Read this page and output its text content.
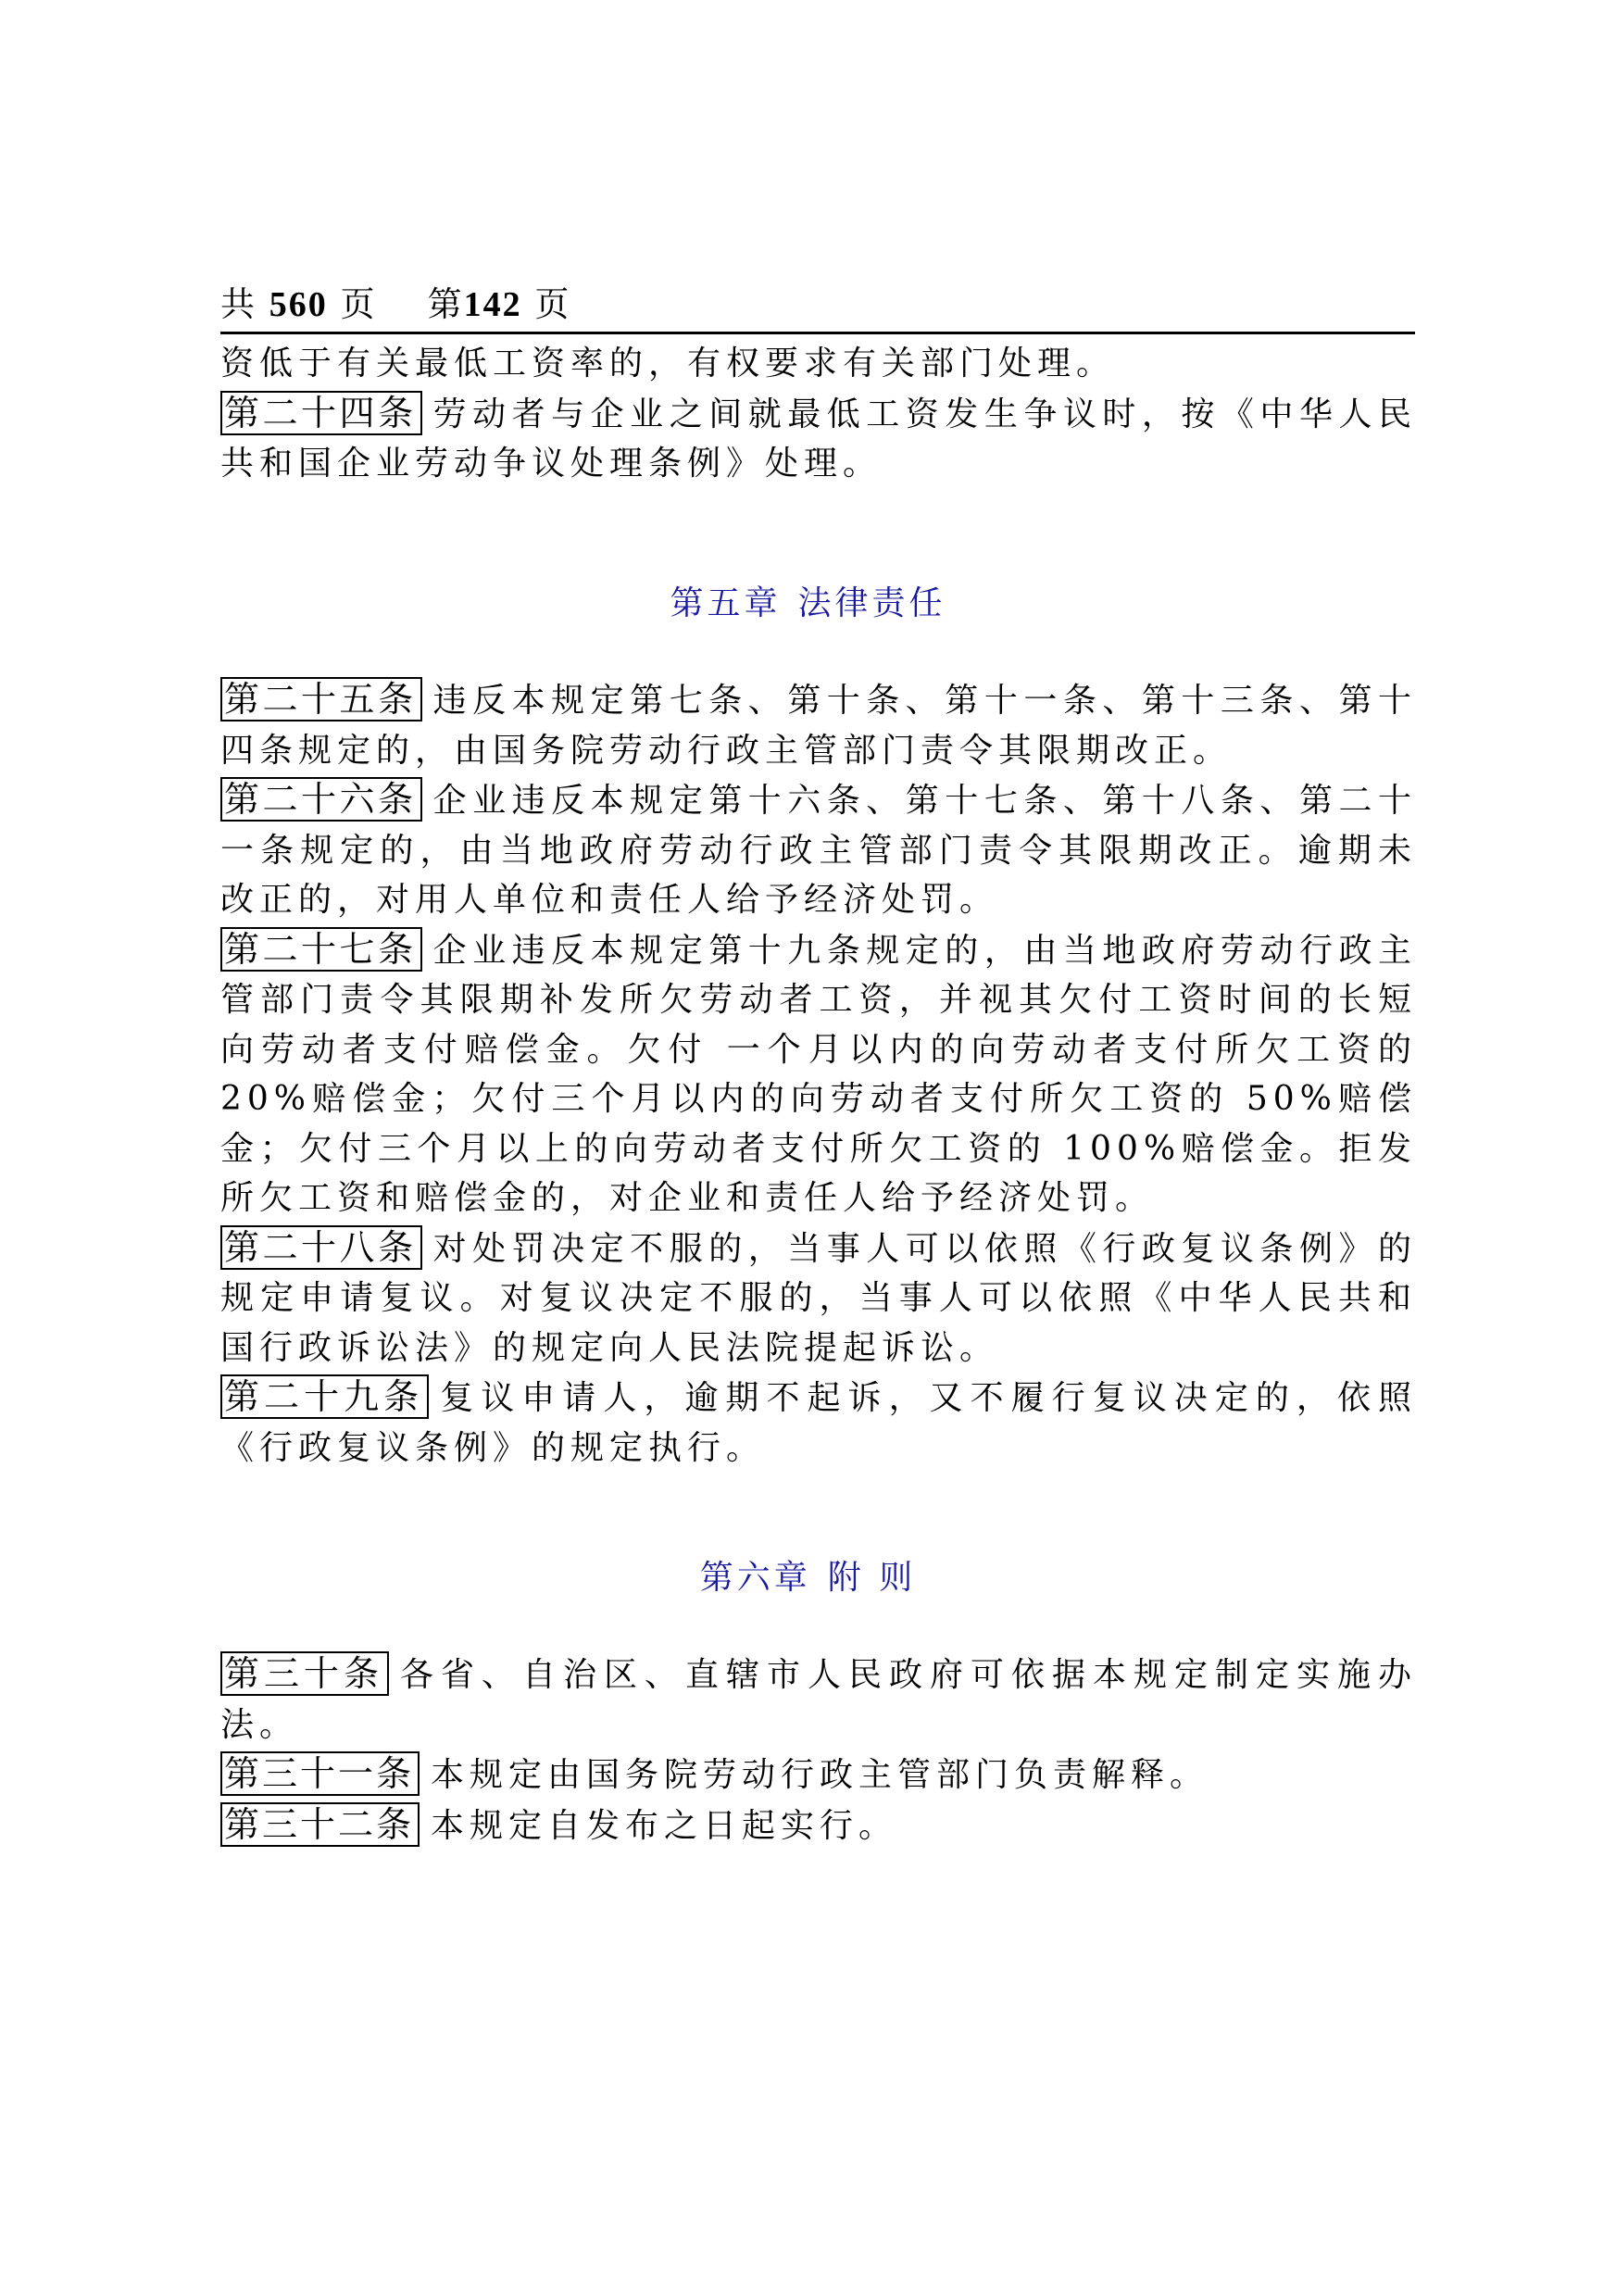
共 560 页 第142 页

资低于有关最低工资率的，有权要求有关部门处理。

第二十四条 劳动者与企业之间就最低工资发生争议时，按《中华人民共和国企业劳动争议处理条例》处理。

第五章 法律责任

第二十五条 违反本规定第七条、第十条、第十一条、第十三条、第十四条规定的，由国务院劳动行政主管部门责令其限期改正。

第二十六条 企业违反本规定第十六条、第十七条、第十八条、第二十一条规定的，由当地政府劳动行政主管部门责令其限期改正。逾期未改正的，对用人单位和责任人给予经济处罚。

第二十七条 企业违反本规定第十九条规定的，由当地政府劳动行政主管部门责令其限期补发所欠劳动者工资，并视其欠付工资时间的长短向劳动者支付赔偿金。欠付 一个月以内的向劳动者支付所欠工资的 20%赔偿金；欠付三个月以内的向劳动者支付所欠工资的 50%赔偿金；欠付三个月以上的向劳动者支付所欠工资的 100%赔偿金。拒发所欠工资和赔偿金的，对企业和责任人给予经济处罚。

第二十八条 对处罚决定不服的，当事人可以依照《行政复议条例》的规定申请复议。对复议决定不服的，当事人可以依照《中华人民共和国行政诉讼法》的规定向人民法院提起诉讼。

第二十九条 复议申请人，逾期不起诉，又不履行复议决定的，依照《行政复议条例》的规定执行。

第六章 附 则

第三十条 各省、自治区、直辖市人民政府可依据本规定制定实施办法。

第三十一条 本规定由国务院劳动行政主管部门负责解释。

第三十二条 本规定自发布之日起实行。
